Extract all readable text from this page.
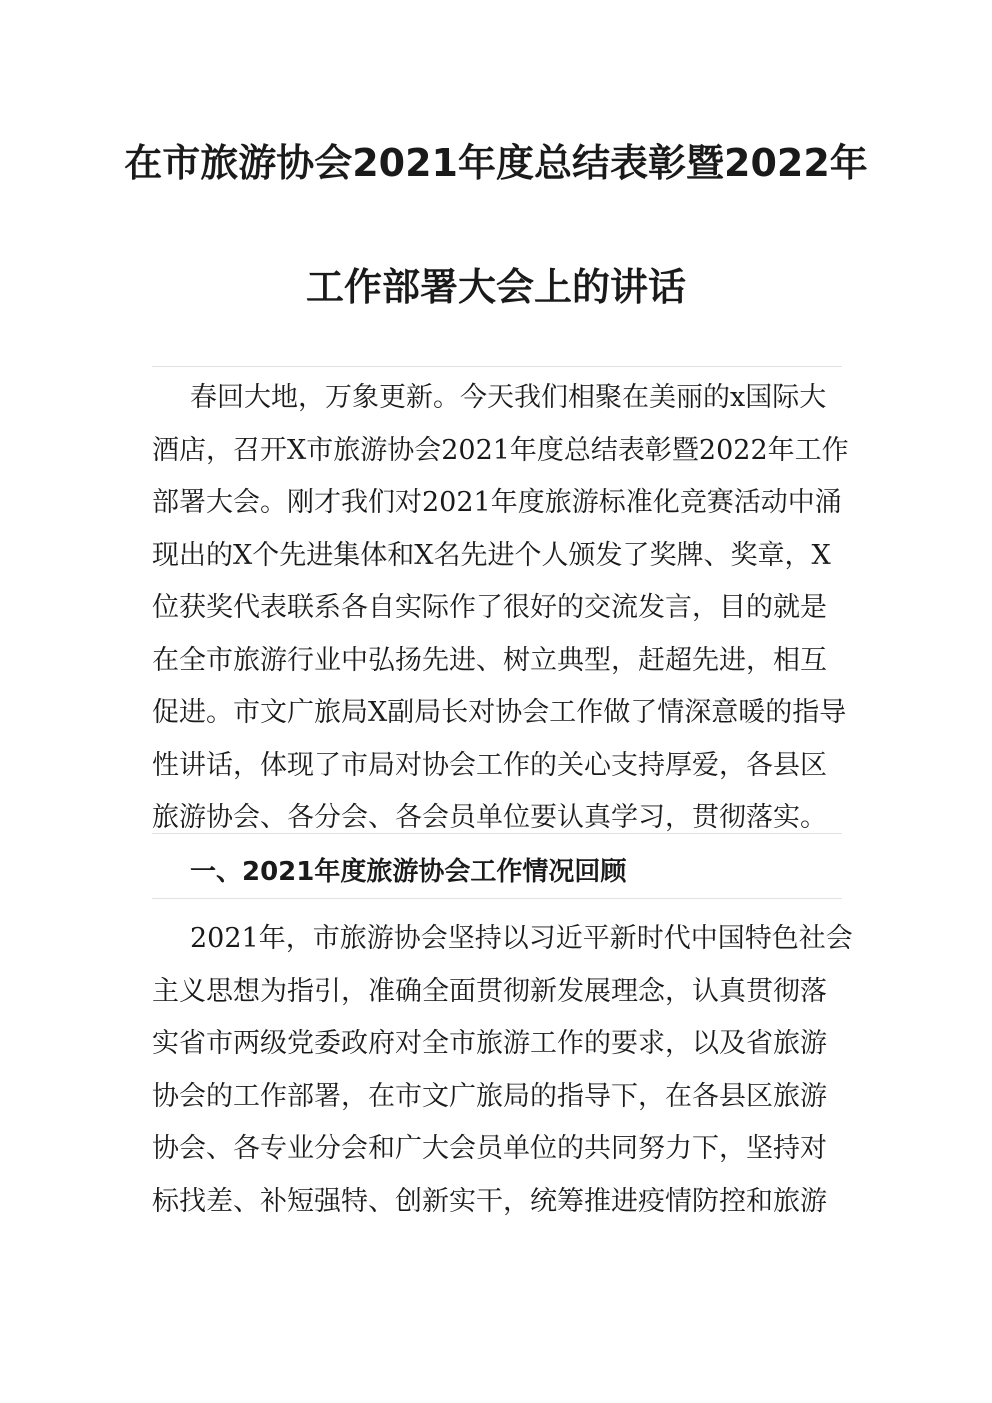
在市旅游协会2021年度总结表彰暨2022年
工作部署大会上的讲话
春回大地，万象更新。今天我们相聚在美丽的x国际大
酒店，召开X市旅游协会2021年度总结表彰暨2022年工作
部署大会。刚才我们对2021年度旅游标准化竞赛活动中涌
现出的X个先进集体和X名先进个人颁发了奖牌、奖章，X
位获奖代表联系各自实际作了很好的交流发言，目的就是
在全市旅游行业中弘扬先进、树立典型，赶超先进，相互
促进。市文广旅局X副局长对协会工作做了情深意暖的指导
性讲话，体现了市局对协会工作的关心支持厚爱，各县区
旅游协会、各分会、各会员单位要认真学习，贯彻落实。
一、2021年度旅游协会工作情况回顾
2021年，市旅游协会坚持以习近平新时代中国特色社会
主义思想为指引，准确全面贯彻新发展理念，认真贯彻落
实省市两级党委政府对全市旅游工作的要求，以及省旅游
协会的工作部署，在市文广旅局的指导下，在各县区旅游
协会、各专业分会和广大会员单位的共同努力下，坚持对
标找差、补短强特、创新实干，统筹推进疫情防控和旅游
